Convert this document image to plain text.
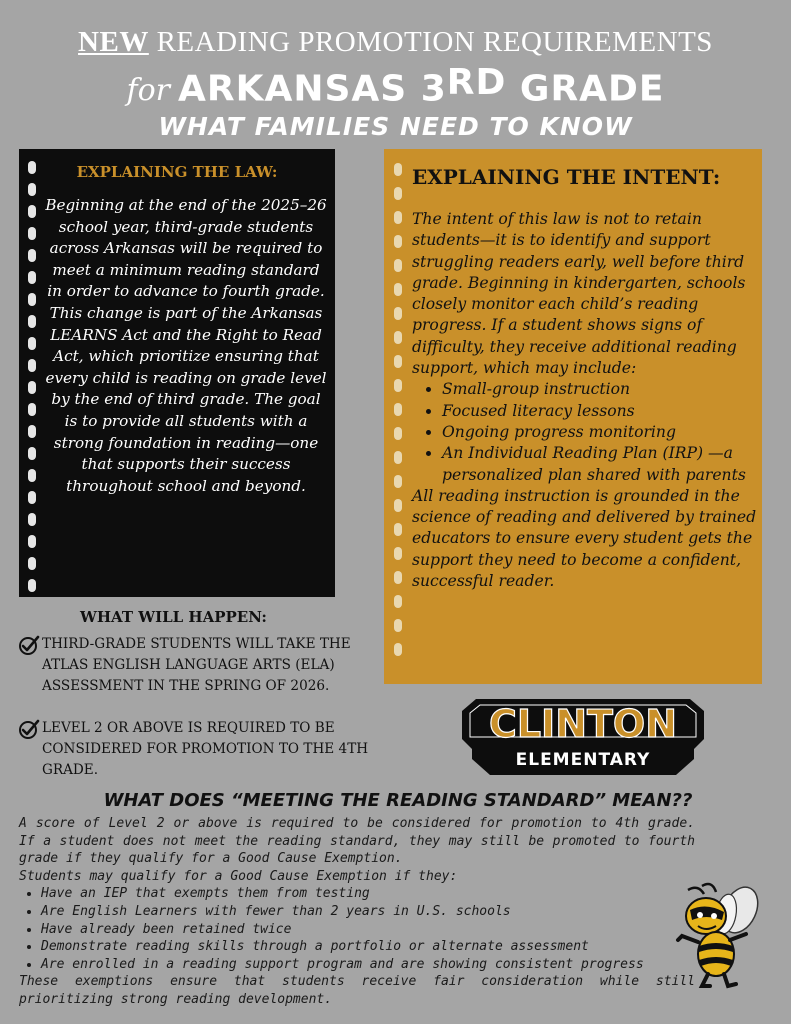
NEW READING PROMOTION REQUIREMENTS
for ARKANSAS 3RD GRADE
WHAT FAMILIES NEED TO KNOW
EXPLAINING THE LAW:
Beginning at the end of the 2025–26 school year, third-grade students across Arkansas will be required to meet a minimum reading standard in order to advance to fourth grade.
This change is part of the Arkansas LEARNS Act and the Right to Read Act, which prioritize ensuring that every child is reading on grade level by the end of third grade. The goal is to provide all students with a strong foundation in reading—one that supports their success throughout school and beyond.
EXPLAINING THE INTENT:
The intent of this law is not to retain students—it is to identify and support struggling readers early, well before third grade. Beginning in kindergarten, schools closely monitor each child’s reading progress. If a student shows signs of difficulty, they receive additional reading support, which may include:
• Small-group instruction
• Focused literacy lessons
• Ongoing progress monitoring
• An Individual Reading Plan (IRP) —a personalized plan shared with parents
All reading instruction is grounded in the science of reading and delivered by trained educators to ensure every student gets the support they need to become a confident, successful reader.
WHAT WILL HAPPEN:
THIRD-GRADE STUDENTS WILL TAKE THE ATLAS ENGLISH LANGUAGE ARTS (ELA) ASSESSMENT IN THE SPRING OF 2026.
LEVEL 2 OR ABOVE IS REQUIRED TO BE CONSIDERED FOR PROMOTION TO THE 4TH GRADE.
CLINTON
ELEMENTARY
WHAT DOES “MEETING THE READING STANDARD” MEAN??
A score of Level 2 or above is required to be considered for promotion to 4th grade. If a student does not meet the reading standard, they may still be promoted to fourth grade if they qualify for a Good Cause Exemption.
Students may qualify for a Good Cause Exemption if they:
• Have an IEP that exempts them from testing
• Are English Learners with fewer than 2 years in U.S. schools
• Have already been retained twice
• Demonstrate reading skills through a portfolio or alternate assessment
• Are enrolled in a reading support program and are showing consistent progress
These exemptions ensure that students receive fair consideration while still prioritizing strong reading development.
